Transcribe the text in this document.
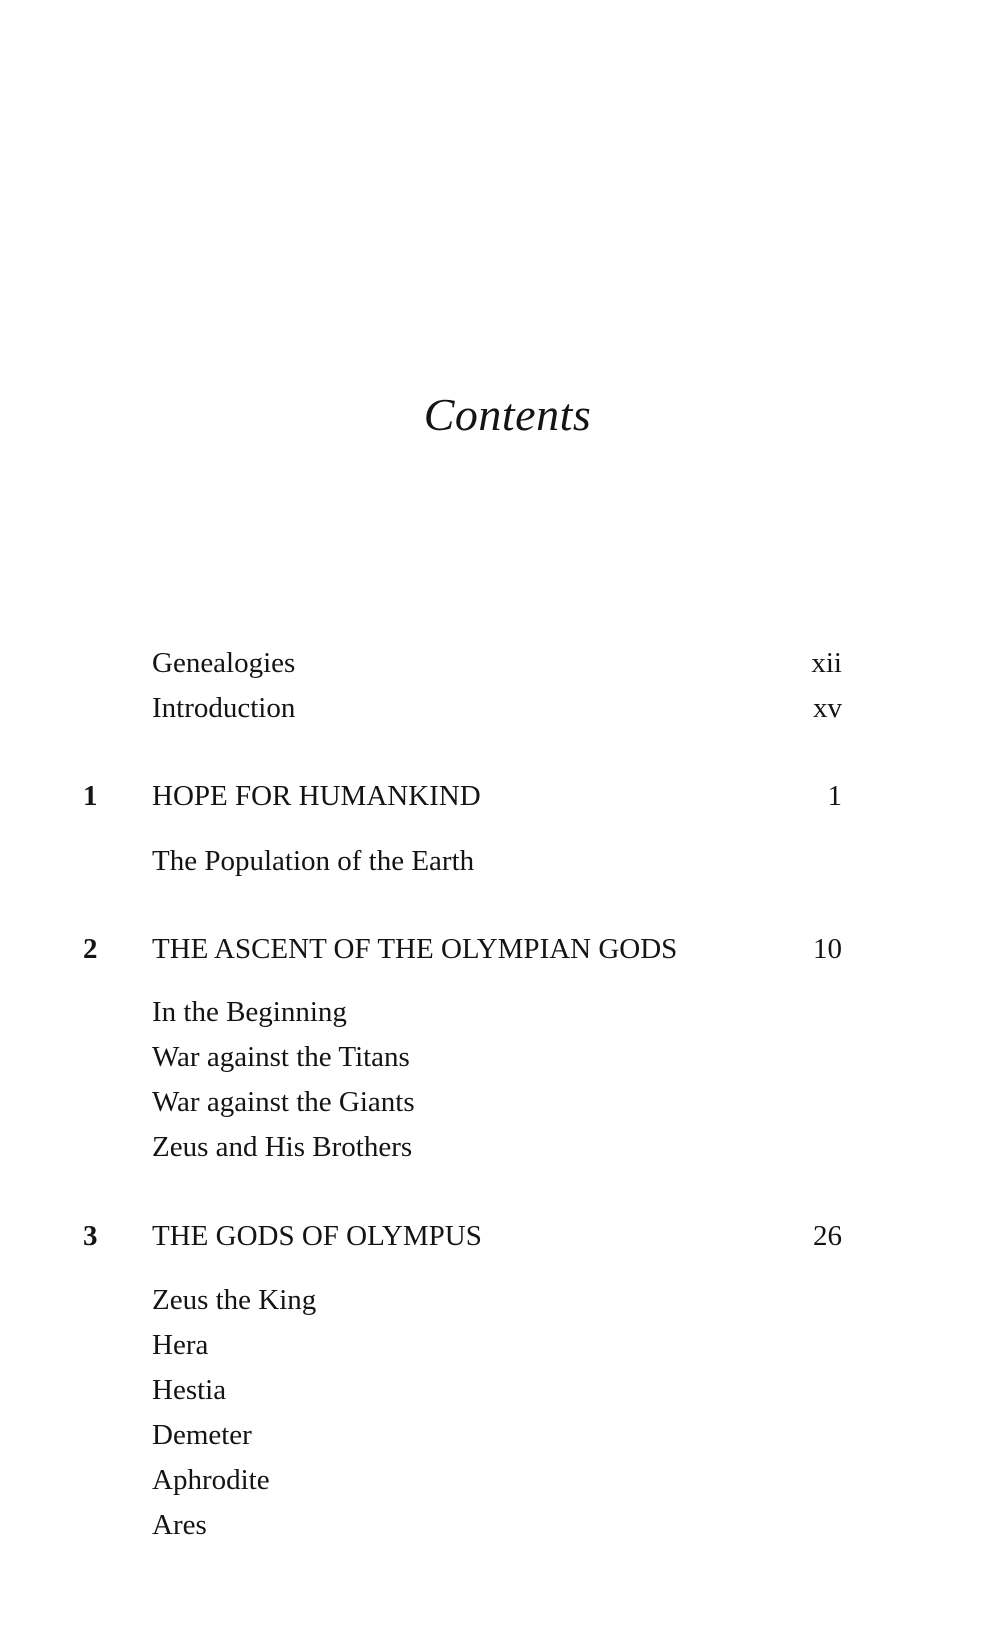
Contents
Genealogies	xii
Introduction	xv
1 HOPE FOR HUMANKIND	1
The Population of the Earth
2 THE ASCENT OF THE OLYMPIAN GODS	10
In the Beginning
War against the Titans
War against the Giants
Zeus and His Brothers
3 THE GODS OF OLYMPUS	26
Zeus the King
Hera
Hestia
Demeter
Aphrodite
Ares
